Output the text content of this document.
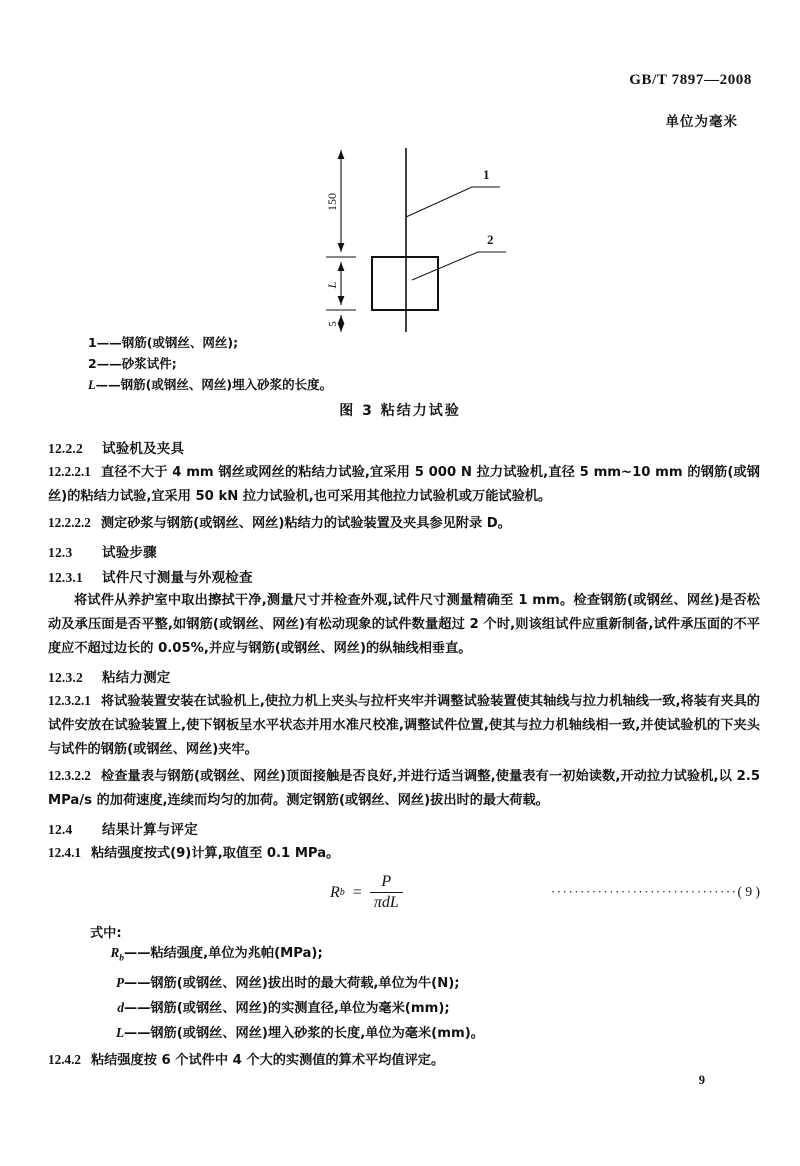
GB/T 7897—2008
单位为毫米
150
L
5
1
2
1——钢筋(或钢丝、网丝);
2——砂浆试件;
L——钢筋(或钢丝、网丝)埋入砂浆的长度。
图 3 粘结力试验
12.2.2 试验机及夹具
12.2.2.1 直径不大于 4 mm 钢丝或网丝的粘结力试验,宜采用 5 000 N 拉力试验机,直径 5 mm~10 mm 的钢筋(或钢丝)的粘结力试验,宜采用 50 kN 拉力试验机,也可采用其他拉力试验机或万能试验机。
12.2.2.2 测定砂浆与钢筋(或钢丝、网丝)粘结力的试验装置及夹具参见附录 D。
12.3 试验步骤
12.3.1 试件尺寸测量与外观检查
将试件从养护室中取出擦拭干净,测量尺寸并检查外观,试件尺寸测量精确至 1 mm。检查钢筋(或钢丝、网丝)是否松动及承压面是否平整,如钢筋(或钢丝、网丝)有松动现象的试件数量超过 2 个时,则该组试件应重新制备,试件承压面的不平度应不超过边长的 0.05%,并应与钢筋(或钢丝、网丝)的纵轴线相垂直。
12.3.2 粘结力测定
12.3.2.1 将试验装置安装在试验机上,使拉力机上夹头与拉杆夹牢并调整试验装置使其轴线与拉力机轴线一致,将装有夹具的试件安放在试验装置上,使下钢板呈水平状态并用水准尺校准,调整试件位置,使其与拉力机轴线相一致,并使试验机的下夹头与试件的钢筋(或钢丝、网丝)夹牢。
12.3.2.2 检查量表与钢筋(或钢丝、网丝)顶面接触是否良好,并进行适当调整,使量表有一初始读数,开动拉力试验机,以 2.5 MPa/s 的加荷速度,连续而均匀的加荷。测定钢筋(或钢丝、网丝)拔出时的最大荷载。
12.4 结果计算与评定
12.4.1 粘结强度按式(9)计算,取值至 0.1 MPa。
R $b = \frac{P}{\text{πdL}}$	································( 9 )
式中:
$R_b——$粘结强度,单位为兆帕(MPa);
P——钢筋(或钢丝、网丝)拔出时的最大荷载,单位为牛(N);
d——钢筋(或钢丝、网丝)的实测直径,单位为毫米(mm);
L——钢筋(或钢丝、网丝)埋入砂浆的长度,单位为毫米(mm)。
12.4.2 粘结强度按 6 个试件中 4 个大的实测值的算术平均值评定。
9
